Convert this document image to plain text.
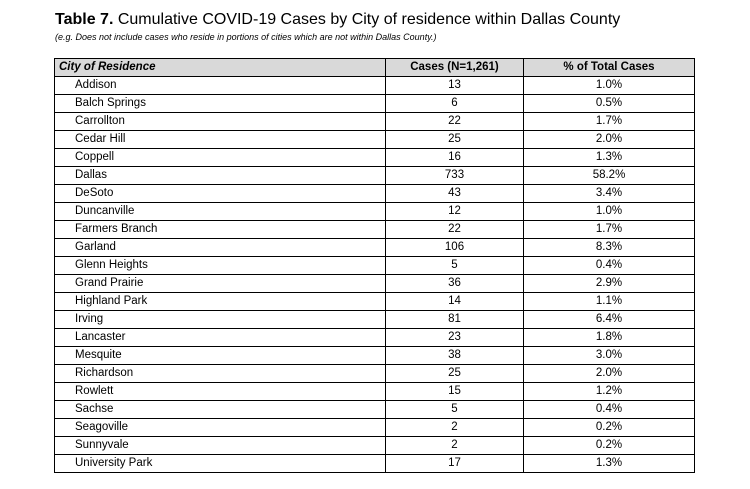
Table 7. Cumulative COVID-19 Cases by City of residence within Dallas County
(e.g. Does not include cases who reside in portions of cities which are not within Dallas County.)
City of Residence	Cases (N=1,261)	% of Total Cases
Addison	13	1.0%
Balch Springs	6	0.5%
Carrollton	22	1.7%
Cedar Hill	25	2.0%
Coppell	16	1.3%
Dallas	733	58.2%
DeSoto	43	3.4%
Duncanville	12	1.0%
Farmers Branch	22	1.7%
Garland	106	8.3%
Glenn Heights	5	0.4%
Grand Prairie	36	2.9%
Highland Park	14	1.1%
Irving	81	6.4%
Lancaster	23	1.8%
Mesquite	38	3.0%
Richardson	25	2.0%
Rowlett	15	1.2%
Sachse	5	0.4%
Seagoville	2	0.2%
Sunnyvale	2	0.2%
University Park	17	1.3%
